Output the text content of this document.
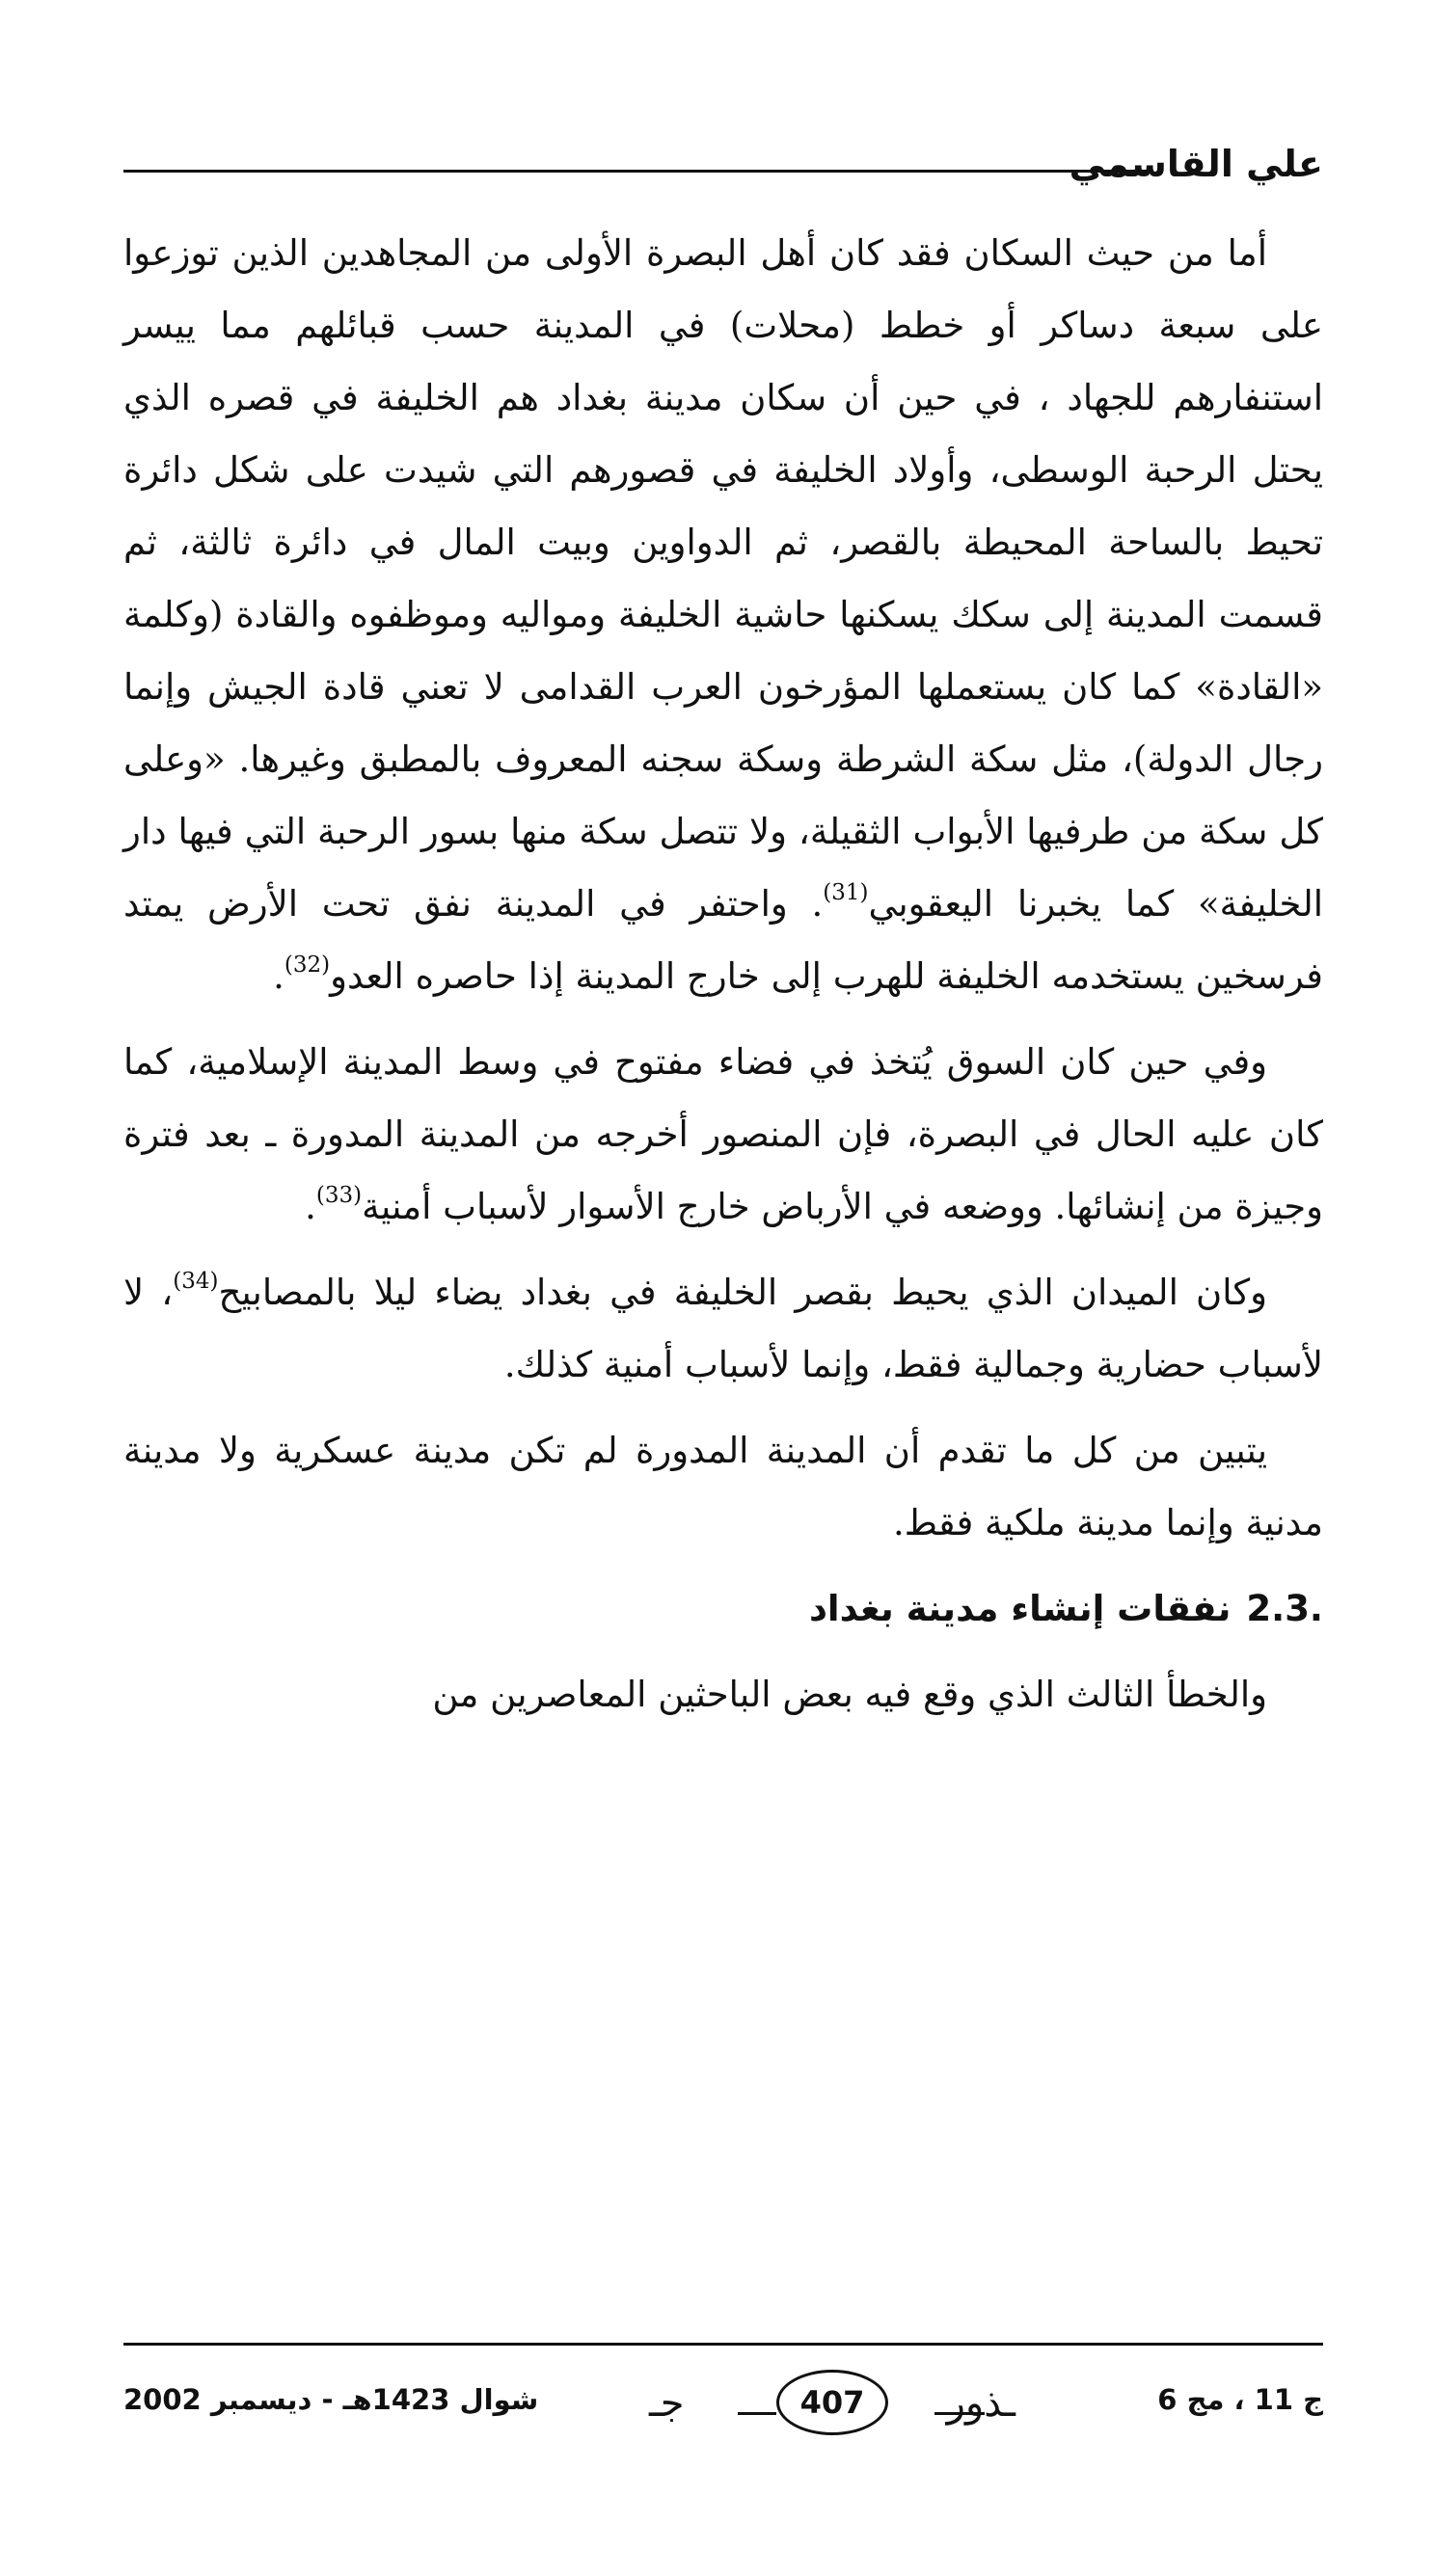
علي القاسمي

أما من حيث السكان فقد كان أهل البصرة الأولى من المجاهدين الذين توزعوا على سبعة دساكر أو خطط (محلات) في المدينة حسب قبائلهم مما ييسر استنفارهم للجهاد ، في حين أن سكان مدينة بغداد هم الخليفة في قصره الذي يحتل الرحبة الوسطى، وأولاد الخليفة في قصورهم التي شيدت على شكل دائرة تحيط بالساحة المحيطة بالقصر، ثم الدواوين وبيت المال في دائرة ثالثة، ثم قسمت المدينة إلى سكك يسكنها حاشية الخليفة ومواليه وموظفوه والقادة (وكلمة «القادة» كما كان يستعملها المؤرخون العرب القدامى لا تعني قادة الجيش وإنما رجال الدولة)، مثل سكة الشرطة وسكة سجنه المعروف بالمطبق وغيرها. «وعلى كل سكة من طرفيها الأبواب الثقيلة، ولا تتصل سكة منها بسور الرحبة التي فيها دار الخليفة» كما يخبرنا اليعقوبي$^{(31)}$. واحتفر في المدينة نفق تحت الأرض يمتد فرسخين يستخدمه الخليفة للهرب إلى خارج المدينة إذا حاصره العدو$^{(32)}$.

وفي حين كان السوق يُتخذ في فضاء مفتوح في وسط المدينة الإسلامية، كما كان عليه الحال في البصرة، فإن المنصور أخرجه من المدينة المدورة ـ بعد فترة وجيزة من إنشائها. ووضعه في الأرباض خارج الأسوار لأسباب أمنية$^{(33)}$.

وكان الميدان الذي يحيط بقصر الخليفة في بغداد يضاء ليلا بالمصابيح$^{(34)}$، لا لأسباب حضارية وجمالية فقط، وإنما لأسباب أمنية كذلك.

يتبين من كل ما تقدم أن المدينة المدورة لم تكن مدينة عسكرية ولا مدينة مدنية وإنما مدينة ملكية فقط.

2.3.نفقات إنشاء مدينة بغداد

والخطأ الثالث الذي وقع فيه بعض الباحثين المعاصرين من

شوال 1423هـ - ديسمبر 2002	جـ	407	ـذور	ج 11 ، مج 6
